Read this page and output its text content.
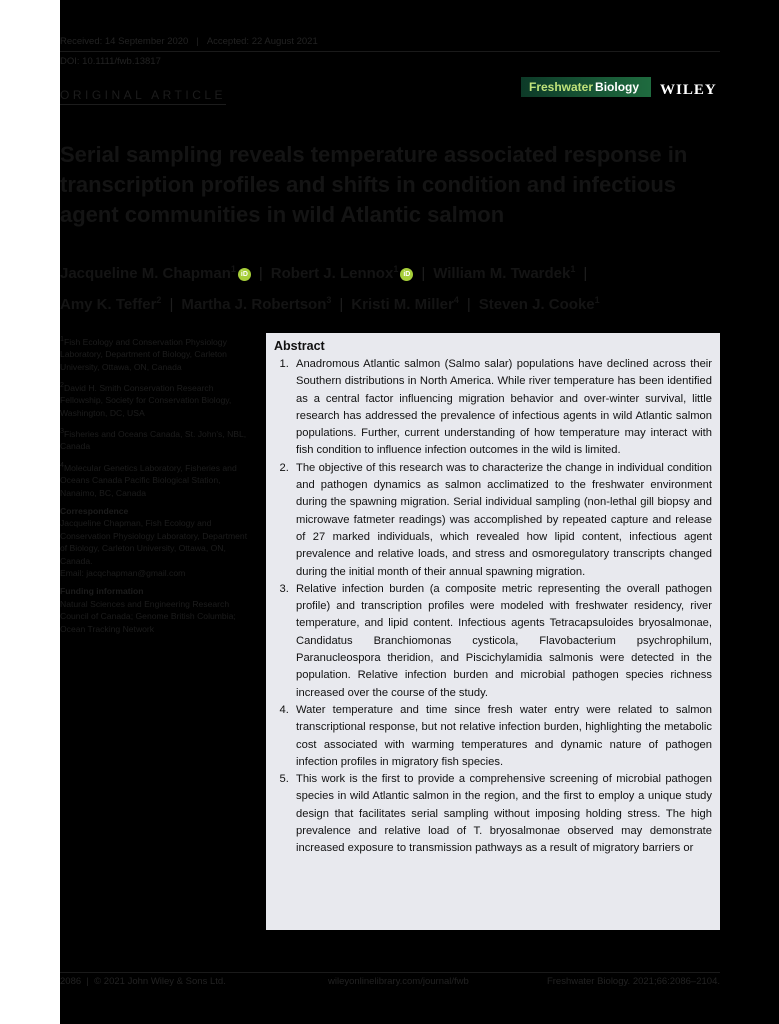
Received: 14 September 2020 | Accepted: 22 August 2021
DOI: 10.1111/fwb.13817
ORIGINAL ARTICLE
Freshwater Biology WILEY
Serial sampling reveals temperature associated response in transcription profiles and shifts in condition and infectious agent communities in wild Atlantic salmon

Jacqueline M. Chapman$^1$iD | Robert J. Lennox$^1$iD | William M. Twardek$^1$ |
Amy K. Teffer$^2$ | Martha J. Robertson$^3$ | Kristi M. Miller$^4$ | Steven J. Cooke$^1$

$^1$Fish Ecology and Conservation Physiology Laboratory, Department of Biology, Carleton University, Ottawa, ON, Canada

$^2$David H. Smith Conservation Research Fellowship, Society for Conservation Biology, Washington, DC, USA

$^3$Fisheries and Oceans Canada, St. John's, NBL, Canada

$^4$Molecular Genetics Laboratory, Fisheries and Oceans Canada Pacific Biological Station, Nanaimo, BC, Canada

Correspondence

Jacqueline Chapman, Fish Ecology and Conservation Physiology Laboratory, Department of Biology, Carleton University, Ottawa, ON, Canada.
Email: jacqchapman@gmail.com

Funding information

Natural Sciences and Engineering Research Council of Canada; Genome British Columbia; Ocean Tracking Network

Abstract
1. Anadromous Atlantic salmon (Salmo salar) populations have declined across their Southern distributions in North America. While river temperature has been identified as a central factor influencing migration behavior and over-winter survival, little research has addressed the prevalence of infectious agents in wild Atlantic salmon populations. Further, current understanding of how temperature may interact with fish condition to influence infection outcomes in the wild is limited.
2. The objective of this research was to characterize the change in individual condition and pathogen dynamics as salmon acclimatized to the freshwater environment during the spawning migration. Serial individual sampling (non-lethal gill biopsy and microwave fatmeter readings) was accomplished by repeated capture and release of 27 marked individuals, which revealed how lipid content, infectious agent prevalence and relative loads, and stress and osmoregulatory transcripts changed during the initial month of their annual spawning migration.
3. Relative infection burden (a composite metric representing the overall pathogen profile) and transcription profiles were modeled with freshwater residency, river temperature, and lipid content. Infectious agents Tetracapsuloides bryosalmonae, Candidatus Branchiomonas cysticola, Flavobacterium psychrophilum, Paranucleospora theridion, and Piscichylamidia salmonis were detected in the population. Relative infection burden and microbial pathogen species richness increased over the course of the study.
4. Water temperature and time since fresh water entry were related to salmon transcriptional response, but not relative infection burden, highlighting the metabolic cost associated with warming temperatures and dynamic nature of pathogen infection profiles in migratory fish species.
5. This work is the first to provide a comprehensive screening of microbial pathogen species in wild Atlantic salmon in the region, and the first to employ a unique study design that facilitates serial sampling without imposing holding stress. The high prevalence and relative load of T. bryosalmonae observed may demonstrate increased exposure to transmission pathways as a result of migratory barriers or
2086  |  © 2021 John Wiley & Sons Ltd.	wileyonlinelibrary.com/journal/fwb	Freshwater Biology. 2021;66:2086–2104.
